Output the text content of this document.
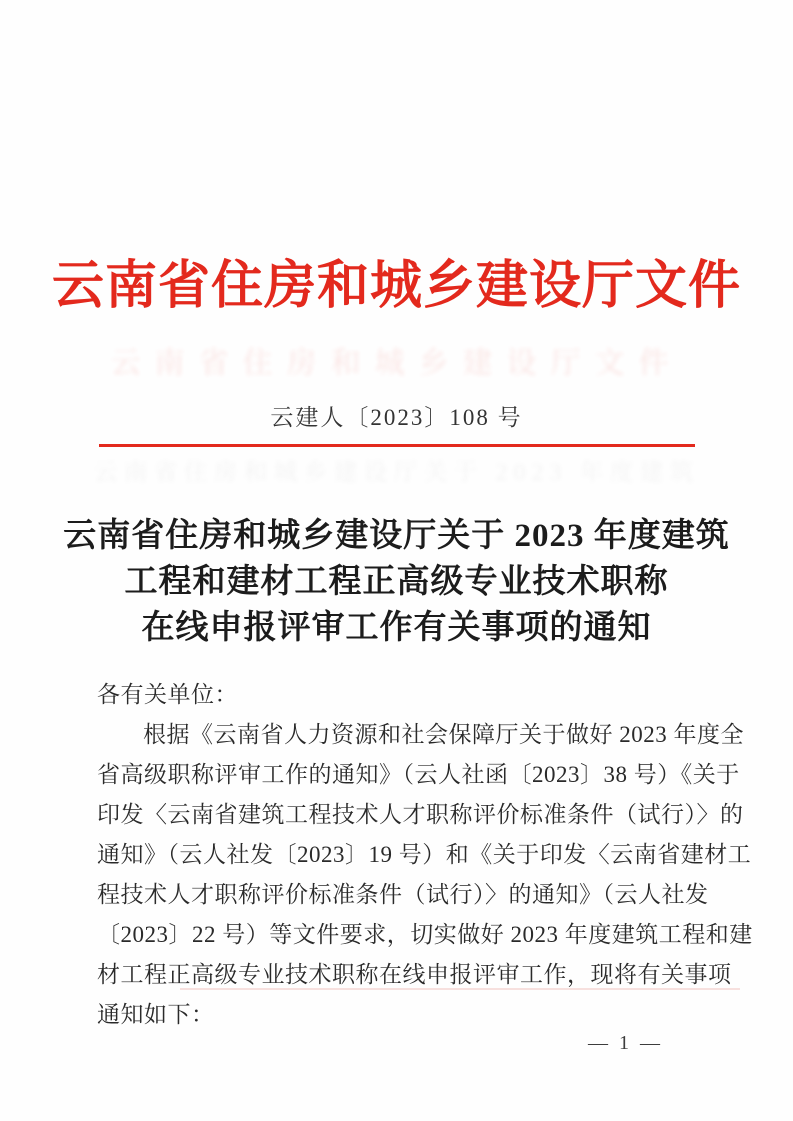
云南省住房和城乡建设厅文件
云南省住房和城乡建设厅文件
云建人〔2023〕108 号
云南省住房和城乡建设厅关于 2023 年度建筑
云南省住房和城乡建设厅关于 2023 年度建筑
工程和建材工程正高级专业技术职称
在线申报评审工作有关事项的通知
各有关单位：
根据《云南省人力资源和社会保障厅关于做好 2023 年度全
省高级职称评审工作的通知》（云人社函〔2023〕38 号）《关于
印发〈云南省建筑工程技术人才职称评价标准条件（试行）〉的
通知》（云人社发〔2023〕19 号）和《关于印发〈云南省建材工
程技术人才职称评价标准条件（试行）〉的通知》（云人社发
〔2023〕22 号）等文件要求，切实做好 2023 年度建筑工程和建
材工程正高级专业技术职称在线申报评审工作，现将有关事项
通知如下：
— 1 —
